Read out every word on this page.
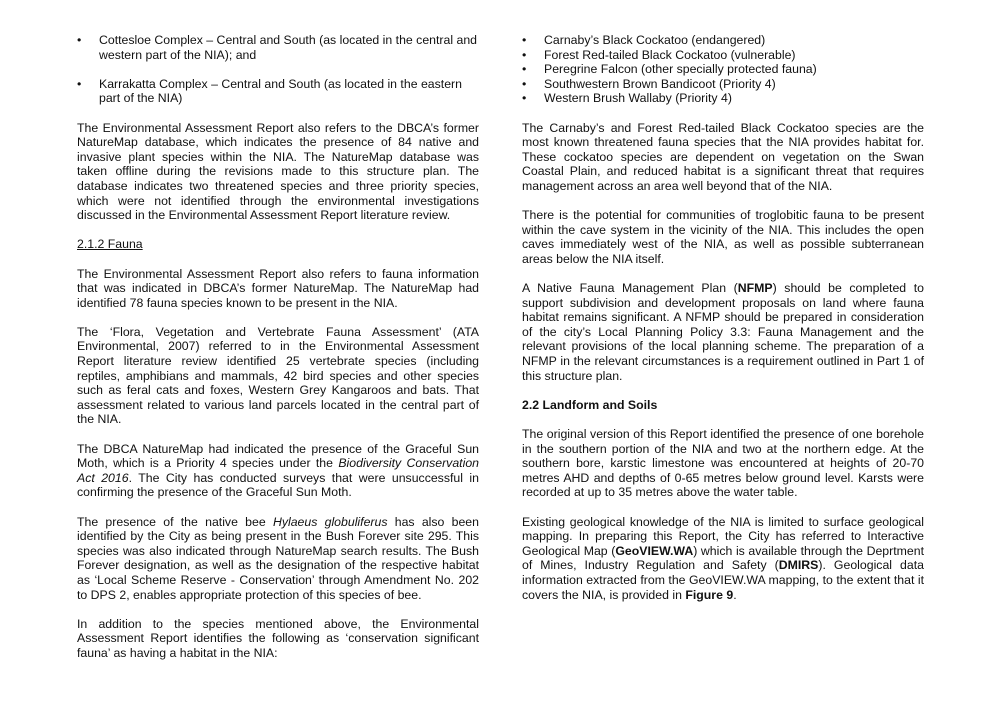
• Cottesloe Complex – Central and South (as located in the central and western part of the NIA); and
• Karrakatta Complex – Central and South (as located in the eastern part of the NIA)

The Environmental Assessment Report also refers to the DBCA’s former NatureMap database, which indicates the presence of 84 native and invasive plant species within the NIA. The NatureMap database was taken offline during the revisions made to this structure plan. The database indicates two threatened species and three priority species, which were not identified through the environmental investigations discussed in the Environmental Assessment Report literature review.

2.1.2 Fauna

The Environmental Assessment Report also refers to fauna information that was indicated in DBCA’s former NatureMap. The NatureMap had identified 78 fauna species known to be present in the NIA.

The ‘Flora, Vegetation and Vertebrate Fauna Assessment’ (ATA Environmental, 2007) referred to in the Environmental Assessment Report literature review identified 25 vertebrate species (including reptiles, amphibians and mammals, 42 bird species and other species such as feral cats and foxes, Western Grey Kangaroos and bats. That assessment related to various land parcels located in the central part of the NIA.

The DBCA NatureMap had indicated the presence of the Graceful Sun Moth, which is a Priority 4 species under the Biodiversity Conservation Act 2016. The City has conducted surveys that were unsuccessful in confirming the presence of the Graceful Sun Moth.

The presence of the native bee Hylaeus globuliferus has also been identified by the City as being present in the Bush Forever site 295. This species was also indicated through NatureMap search results. The Bush Forever designation, as well as the designation of the respective habitat as ‘Local Scheme Reserve - Conservation’ through Amendment No. 202 to DPS 2, enables appropriate protection of this species of bee.

In addition to the species mentioned above, the Environmental Assessment Report identifies the following as ‘conservation significant fauna’ as having a habitat in the NIA:

• Carnaby’s Black Cockatoo (endangered)
• Forest Red-tailed Black Cockatoo (vulnerable)
• Peregrine Falcon (other specially protected fauna)
• Southwestern Brown Bandicoot (Priority 4)
• Western Brush Wallaby (Priority 4)

The Carnaby’s and Forest Red-tailed Black Cockatoo species are the most known threatened fauna species that the NIA provides habitat for. These cockatoo species are dependent on vegetation on the Swan Coastal Plain, and reduced habitat is a significant threat that requires management across an area well beyond that of the NIA.

There is the potential for communities of troglobitic fauna to be present within the cave system in the vicinity of the NIA. This includes the open caves immediately west of the NIA, as well as possible subterranean areas below the NIA itself.

A Native Fauna Management Plan (NFMP) should be completed to support subdivision and development proposals on land where fauna habitat remains significant. A NFMP should be prepared in consideration of the city’s Local Planning Policy 3.3: Fauna Management and the relevant provisions of the local planning scheme. The preparation of a NFMP in the relevant circumstances is a requirement outlined in Part 1 of this structure plan.

2.2 Landform and Soils

The original version of this Report identified the presence of one borehole in the southern portion of the NIA and two at the northern edge. At the southern bore, karstic limestone was encountered at heights of 20-70 metres AHD and depths of 0-65 metres below ground level. Karsts were recorded at up to 35 metres above the water table.

Existing geological knowledge of the NIA is limited to surface geological mapping. In preparing this Report, the City has referred to Interactive Geological Map (GeoVIEW.WA) which is available through the Deprtment of Mines, Industry Regulation and Safety (DMIRS). Geological data information extracted from the GeoVIEW.WA mapping, to the extent that it covers the NIA, is provided in Figure 9.
